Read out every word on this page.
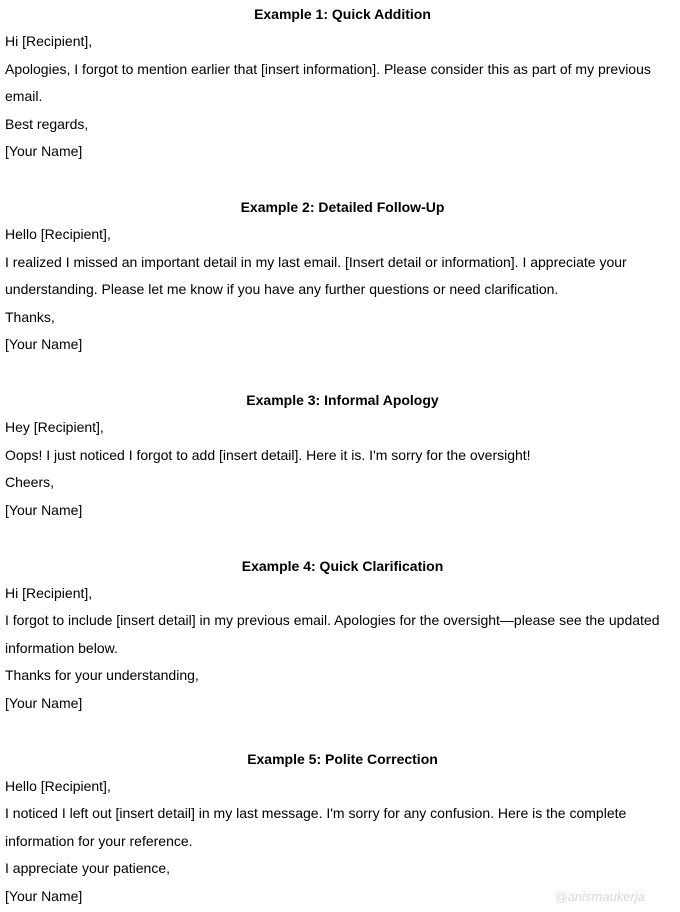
Example 1: Quick Addition

Hi [Recipient],

Apologies, I forgot to mention earlier that [insert information]. Please consider this as part of my previous email.

Best regards,

[Your Name]

Example 2: Detailed Follow-Up

Hello [Recipient],

I realized I missed an important detail in my last email. [Insert detail or information]. I appreciate your understanding. Please let me know if you have any further questions or need clarification.

Thanks,

[Your Name]

Example 3: Informal Apology

Hey [Recipient],

Oops! I just noticed I forgot to add [insert detail]. Here it is. I'm sorry for the oversight!

Cheers,

[Your Name]

Example 4: Quick Clarification

Hi [Recipient],

I forgot to include [insert detail] in my previous email. Apologies for the oversight—please see the updated information below.

Thanks for your understanding,

[Your Name]

Example 5: Polite Correction

Hello [Recipient],

I noticed I left out [insert detail] in my last message. I'm sorry for any confusion. Here is the complete information for your reference.

I appreciate your patience,

[Your Name]	@anismaukerja
